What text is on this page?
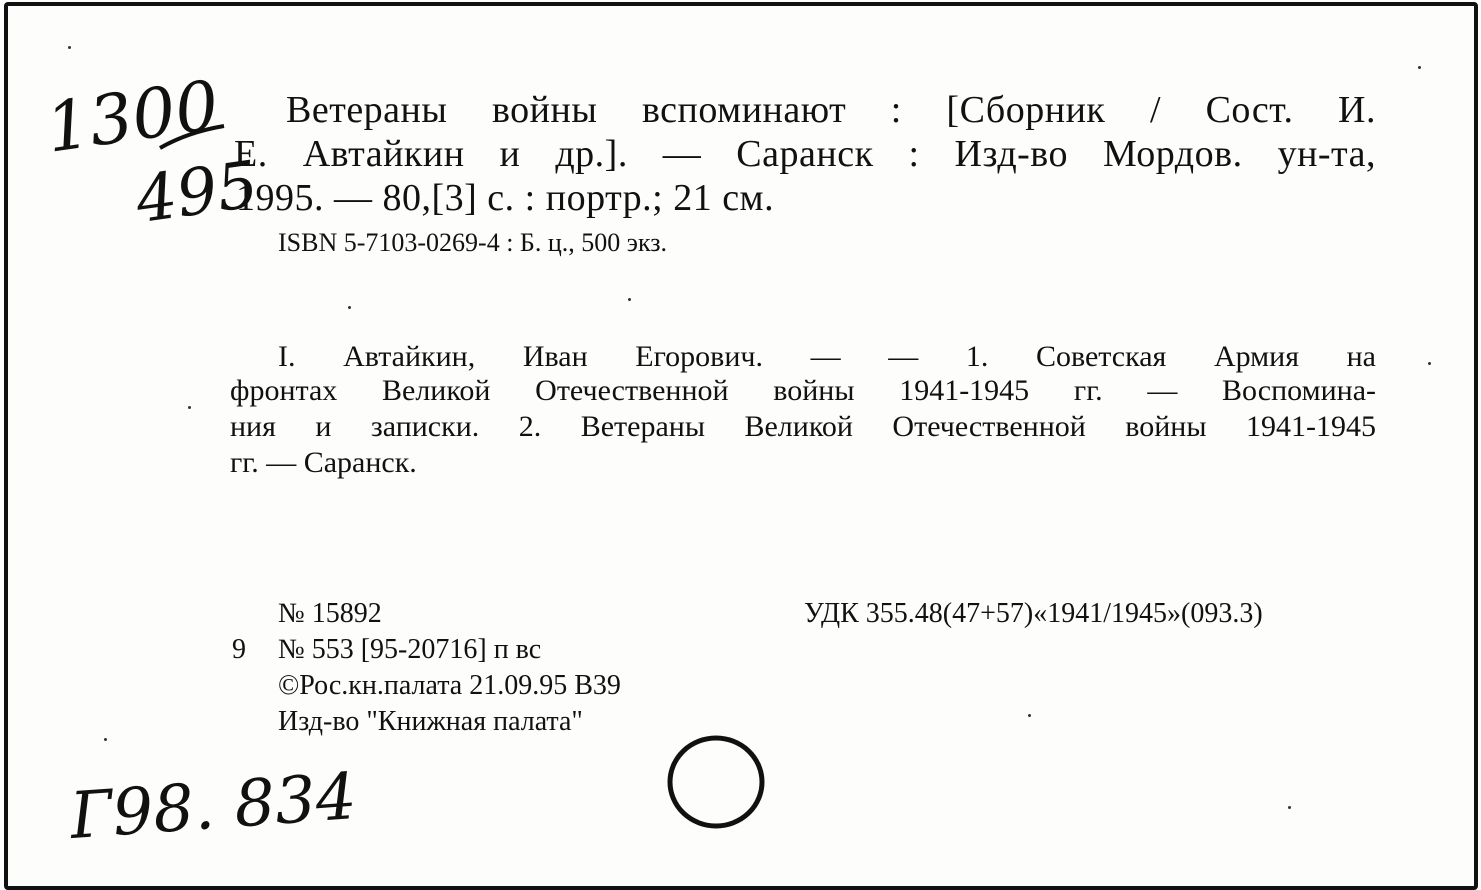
1300
495
Ветераны войны вспоминают : [Сборник / Сост. И.
Е. Автайкин и др.]. — Саранск : Изд-во Мордов. ун-та,
1995. — 80,[3] с. : портр.; 21 см.
ISBN 5-7103-0269-4 : Б. ц., 500 экз.
I. Автайкин, Иван Егорович. — — 1. Советская Армия на
фронтах Великой Отечественной войны 1941-1945 гг. — Воспомина-
ния и записки. 2. Ветераны Великой Отечественной войны 1941-1945
гг. — Саранск.
№ 15892	УДК 355.48(47+57)«1941/1945»(093.3)
9 № 553 [95-20716] п вс
©Рос.кн.палата 21.09.95 В39
Изд-во "Книжная палата"
Г98. 834
